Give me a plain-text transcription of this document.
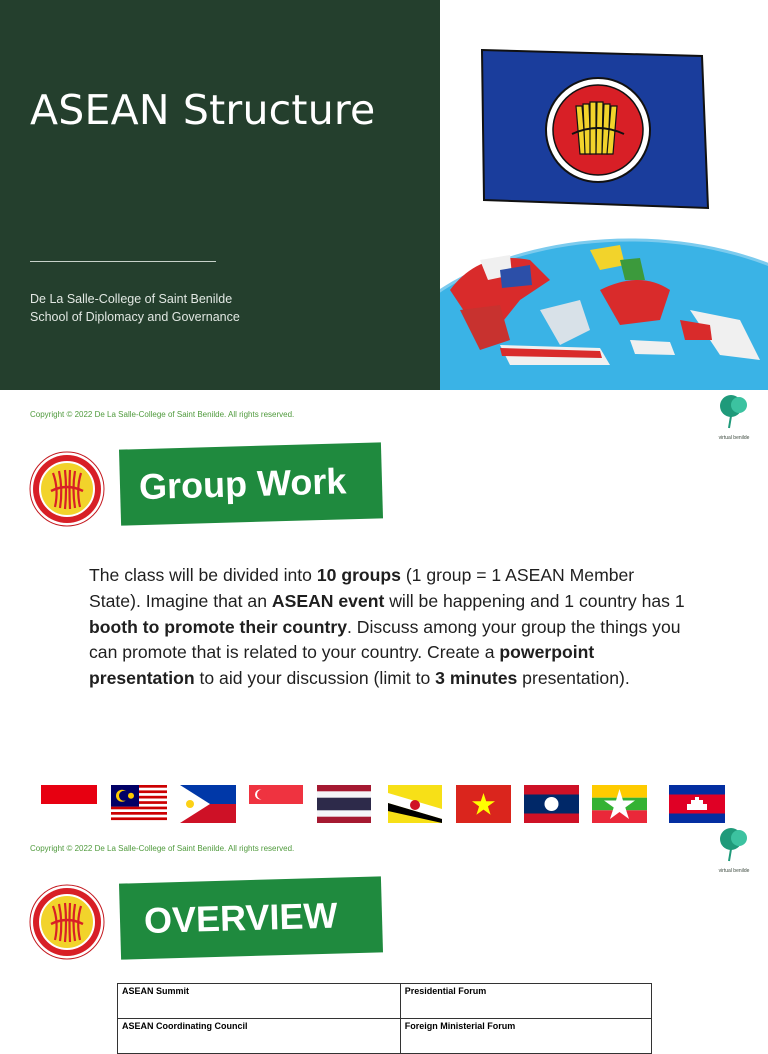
ASEAN Structure
De La Salle-College of Saint Benilde
School of Diplomacy and Governance
Copyright © 2022 De La Salle-College of Saint Benilde. All rights reserved.
virtual benilde
Group Work
The class will be divided into 10 groups (1 group = 1 ASEAN Member State). Imagine that an ASEAN event will be happening and 1 country has 1 booth to promote their country. Discuss among your group the things you can promote that is related to your country. Create a powerpoint presentation to aid your discussion (limit to 3 minutes presentation).
Copyright © 2022 De La Salle-College of Saint Benilde. All rights reserved.
virtual benilde
OVERVIEW
ASEAN Summit	Presidential Forum
ASEAN Coordinating Council	Foreign Ministerial Forum
